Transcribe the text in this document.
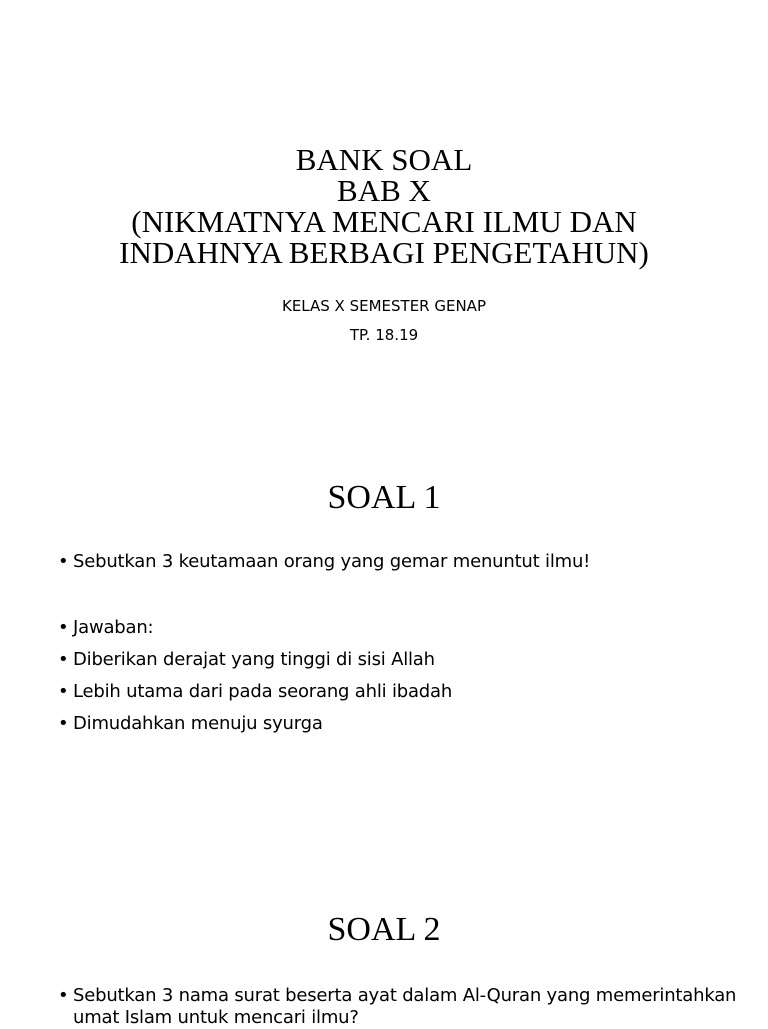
BANK SOAL
BAB X
(NIKMATNYA MENCARI ILMU DAN
INDAHNYA BERBAGI PENGETAHUN)
KELAS X SEMESTER GENAP
TP. 18.19
SOAL 1
• Sebutkan 3 keutamaan orang yang gemar menuntut ilmu!
• Jawaban:
• Diberikan derajat yang tinggi di sisi Allah
• Lebih utama dari pada seorang ahli ibadah
• Dimudahkan menuju syurga
SOAL 2
• Sebutkan 3 nama surat beserta ayat dalam Al-Quran yang memerintahkan umat Islam untuk mencari ilmu?
